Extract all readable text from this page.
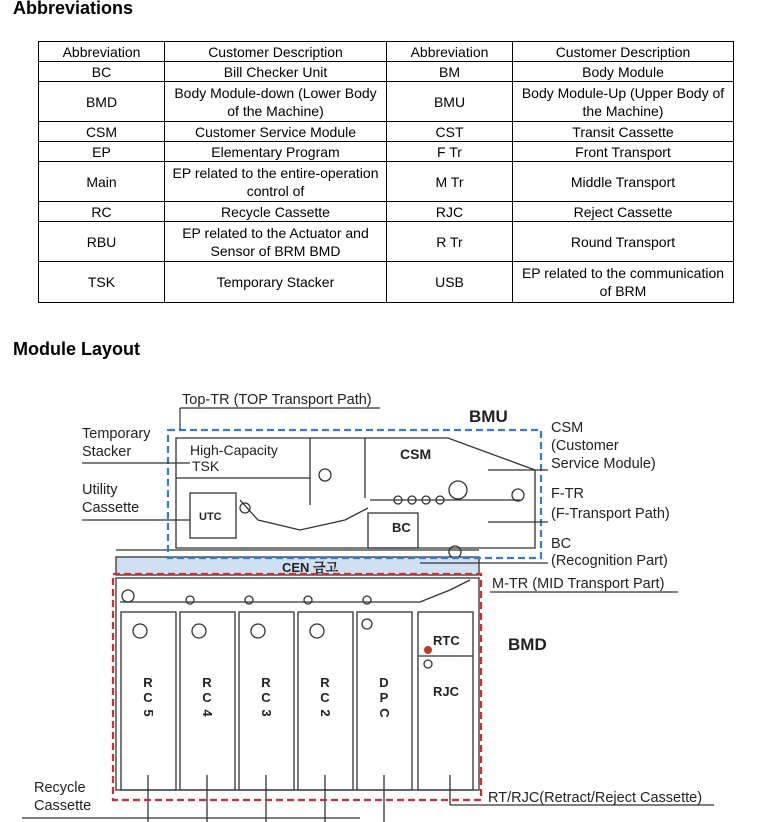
Abbreviations
Abbreviation	Customer Description	Abbreviation	Customer Description
BC	Bill Checker Unit	BM	Body Module
BMD	Body Module-down (Lower Body of the Machine)	BMU	Body Module-Up (Upper Body of the Machine)
CSM	Customer Service Module	CST	Transit Cassette
EP	Elementary Program	F Tr	Front Transport
Main	EP related to the entire-operation control of	M Tr	Middle Transport
RC	Recycle Cassette	RJC	Reject Cassette
RBU	EP related to the Actuator and Sensor of BRM BMD	R Tr	Round Transport
TSK	Temporary Stacker	USB	EP related to the communication of BRM
Module Layout
Top-TR (TOP Transport Path)
Temporary
Stacker
Utility
Cassette
CSM
(Customer
Service Module)
F-TR
(F-Transport Path)
BC
(Recognition Part)
M-TR (MID Transport Part)
Recycle
Cassette	RT/RJC(Retract/Reject Cassette)
BMU
BMD
High-Capacity
TSK
CSM
UTC
BC
CEN 금고
RTC
RJC
R
C
5
R
C
4
R
C
3
R
C
2
D
P
C
